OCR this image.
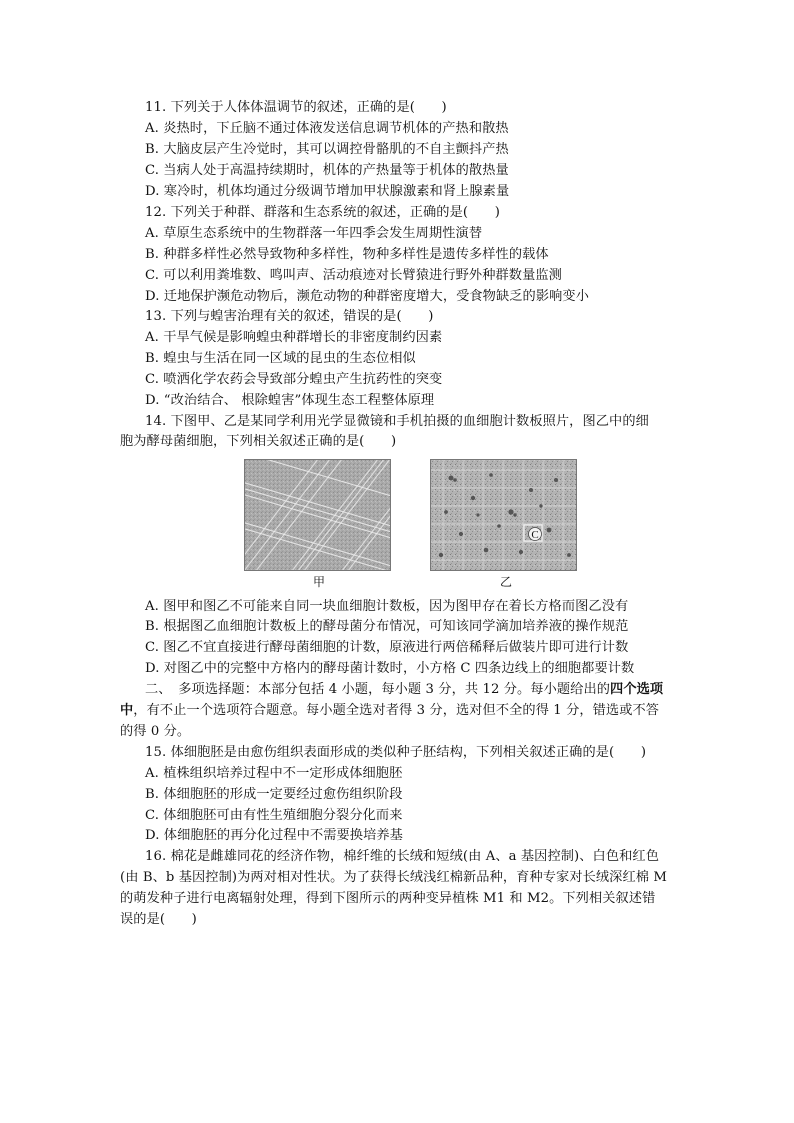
11. 下列关于人体体温调节的叙述，正确的是(　　)
A. 炎热时，下丘脑不通过体液发送信息调节机体的产热和散热
B. 大脑皮层产生冷觉时，其可以调控骨骼肌的不自主颤抖产热
C. 当病人处于高温持续期时，机体的产热量等于机体的散热量
D. 寒冷时，机体均通过分级调节增加甲状腺激素和肾上腺素量
12. 下列关于种群、群落和生态系统的叙述，正确的是(　　)
A. 草原生态系统中的生物群落一年四季会发生周期性演替
B. 种群多样性必然导致物种多样性，物种多样性是遗传多样性的载体
C. 可以利用粪堆数、鸣叫声、活动痕迹对长臂猿进行野外种群数量监测
D. 迁地保护濒危动物后，濒危动物的种群密度增大，受食物缺乏的影响变小
13. 下列与蝗害治理有关的叙述，错误的是(　　)
A. 干旱气候是影响蝗虫种群增长的非密度制约因素
B. 蝗虫与生活在同一区域的昆虫的生态位相似
C. 喷洒化学农药会导致部分蝗虫产生抗药性的突变
D. “改治结合、 根除蝗害”体现生态工程整体原理
14. 下图甲、乙是某同学利用光学显微镜和手机拍摄的血细胞计数板照片，图乙中的细
胞为酵母菌细胞，下列相关叙述正确的是(　　)
甲
C
乙
A. 图甲和图乙不可能来自同一块血细胞计数板，因为图甲存在着长方格而图乙没有
B. 根据图乙血细胞计数板上的酵母菌分布情况，可知该同学滴加培养液的操作规范
C. 图乙不宜直接进行酵母菌细胞的计数，原液进行两倍稀释后做装片即可进行计数
D. 对图乙中的完整中方格内的酵母菌计数时，小方格 C 四条边线上的细胞都要计数
二、　多项选择题：本部分包括 4 小题，每小题 3 分，共 12 分。每小题给出的四个选项
中，有不止一个选项符合题意。每小题全选对者得 3 分，选对但不全的得 1 分，错选或不答
的得 0 分。
15. 体细胞胚是由愈伤组织表面形成的类似种子胚结构，下列相关叙述正确的是(　　)
A. 植株组织培养过程中不一定形成体细胞胚
B. 体细胞胚的形成一定要经过愈伤组织阶段
C. 体细胞胚可由有性生殖细胞分裂分化而来
D. 体细胞胚的再分化过程中不需要换培养基
16. 棉花是雌雄同花的经济作物，棉纤维的长绒和短绒(由 A、a 基因控制)、白色和红色
(由 B、b 基因控制)为两对相对性状。为了获得长绒浅红棉新品种，育种专家对长绒深红棉 M
的萌发种子进行电离辐射处理，得到下图所示的两种变异植株 M1 和 M2。下列相关叙述错
误的是(　　)
